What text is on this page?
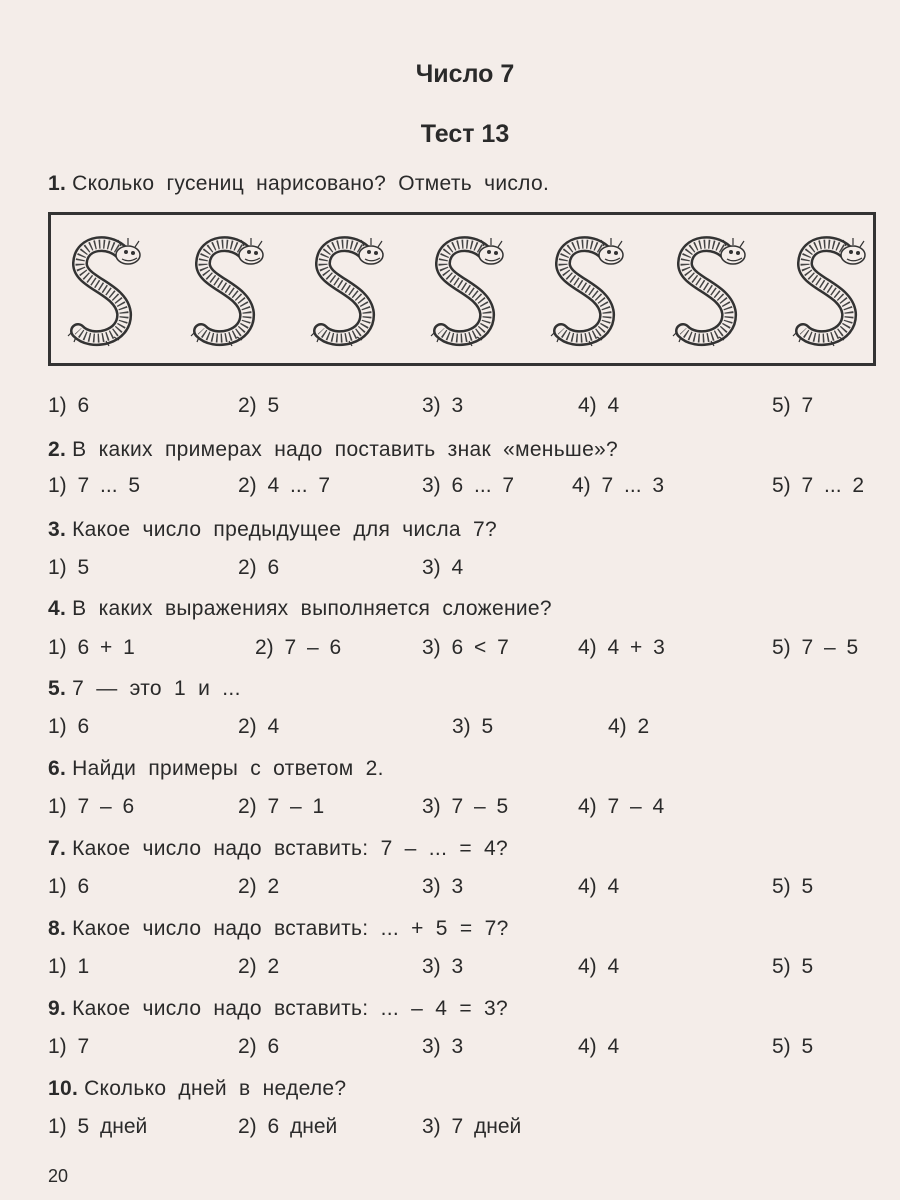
Число 7
Тест 13
1. Сколько гусениц нарисовано? Отметь число.
1) 6	2) 5	3) 3	4) 4	5) 7
2. В каких примерах надо поставить знак «меньше»?
1) 7 ... 5	2) 4 ... 7	3) 6 ... 7	4) 7 ... 3	5) 7 ... 2
3. Какое число предыдущее для числа 7?
1) 5	2) 6	3) 4
4. В каких выражениях выполняется сложение?
1) 6 + 1	2) 7 – 6	3) 6 < 7	4) 4 + 3	5) 7 – 5
5. 7 — это 1 и ...
1) 6	2) 4	3) 5	4) 2
6. Найди примеры с ответом 2.
1) 7 – 6	2) 7 – 1	3) 7 – 5	4) 7 – 4
7. Какое число надо вставить: 7 – ... = 4?
1) 6	2) 2	3) 3	4) 4	5) 5
8. Какое число надо вставить: ... + 5 = 7?
1) 1	2) 2	3) 3	4) 4	5) 5
9. Какое число надо вставить: ... – 4 = 3?
1) 7	2) 6	3) 3	4) 4	5) 5
10. Сколько дней в неделе?
1) 5 дней	2) 6 дней	3) 7 дней
20
